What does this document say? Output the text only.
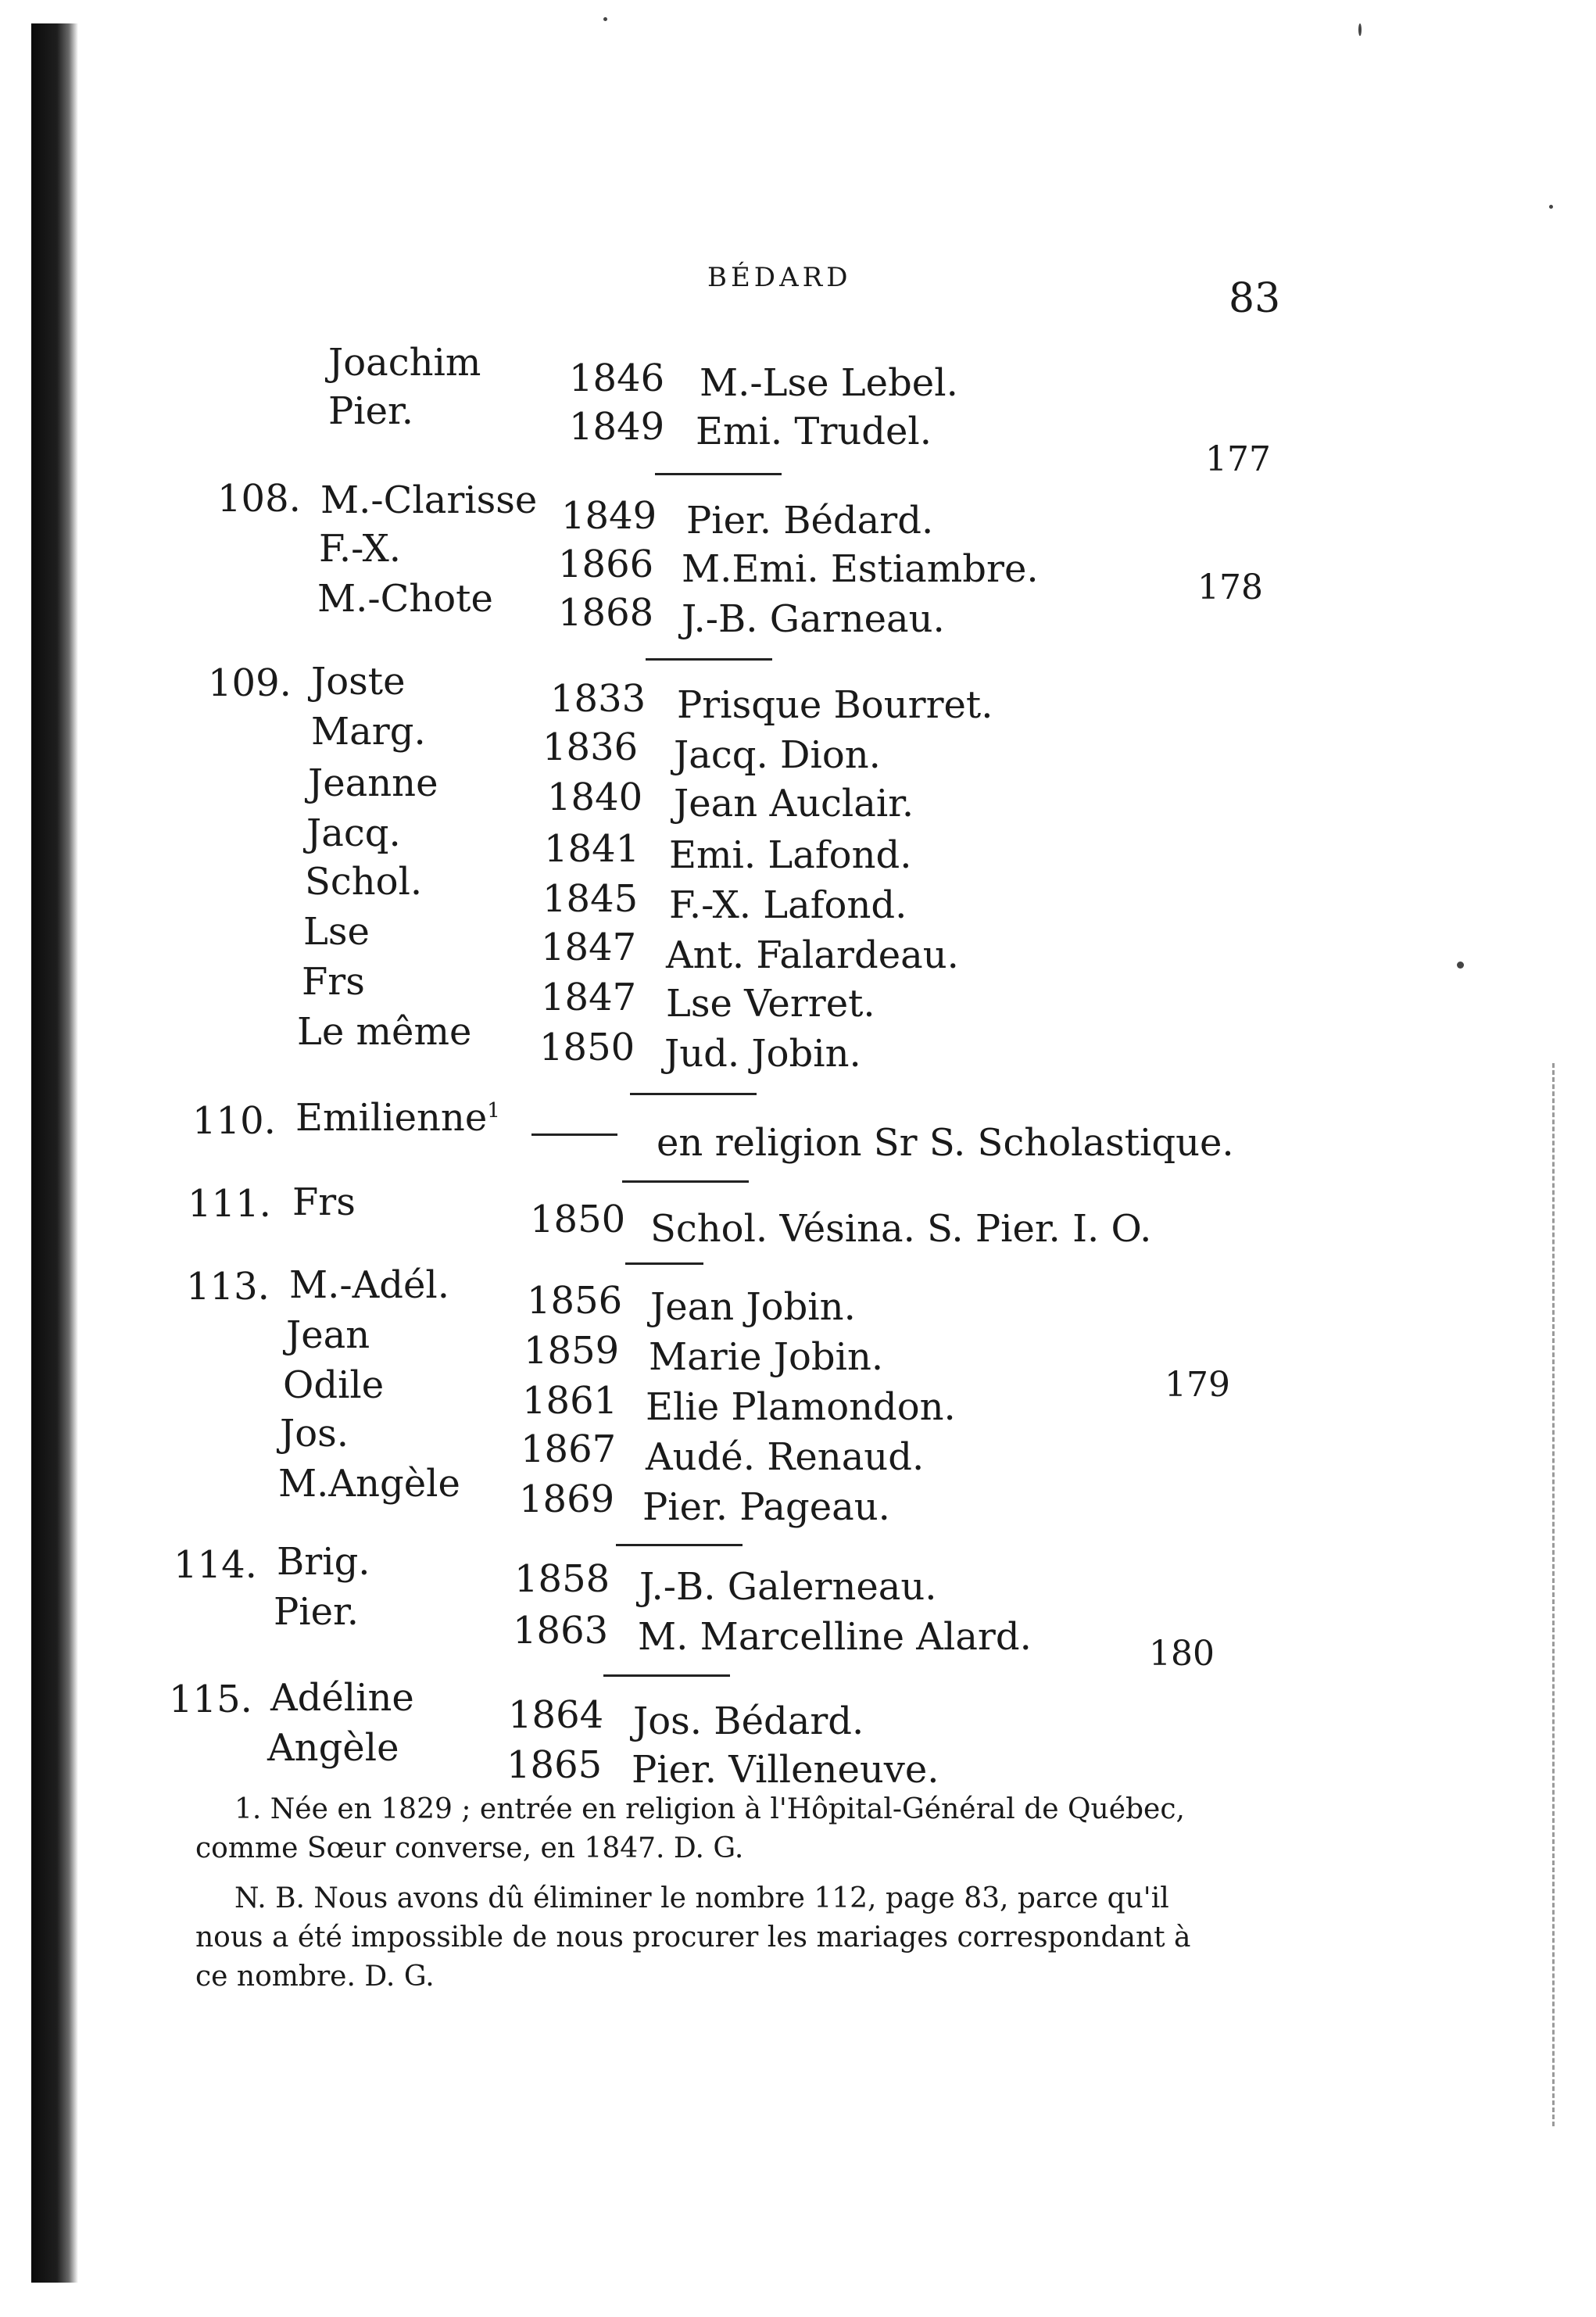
BÉDARD	83
Joachim 1846 M.-Lse Lebel.
Pier.	1849 Emi. Trudel.
177
108. M.-Clarisse 1849 Pier. Bédard.
F.-X.	1866 M.Emi. Estiambre.
M.-Chote 1868 J.-B. Garneau.
178
109. Joste	1833 Prisque Bourret.
Marg.	1836 Jacq. Dion.
Jeanne	1840 Jean Auclair.
Jacq.	1841 Emi. Lafond.
Schol.	1845 F.-X. Lafond.
Lse	1847 Ant. Falardeau.
Frs	1847 Lse Verret.
Le même 1850 Jud. Jobin.
110. Emilienne$^1$
en religion Sr S. Scholastique.
111. Frs	1850 Schol. Vésina. S. Pier. I. O.
113. M.-Adél. 1856 Jean Jobin.
Jean	1859 Marie Jobin.
Odile	1861 Elie Plamondon.
Jos.	1867 Audé. Renaud.
M.Angèle 1869 Pier. Pageau.
179
114. Brig.	1858 J.-B. Galerneau.
Pier.	1863 M. Marcelline Alard.	180
115. Adéline	1864 Jos. Bédard.
Angèle	1865 Pier. Villeneuve.

1. Née en 1829 ; entrée en religion à l'Hôpital-Général de Québec, comme Sœur converse, en 1847. D. G.

N. B. Nous avons dû éliminer le nombre 112, page 83, parce qu'il nous a été impossible de nous procurer les mariages correspondant à ce nombre. D. G.
